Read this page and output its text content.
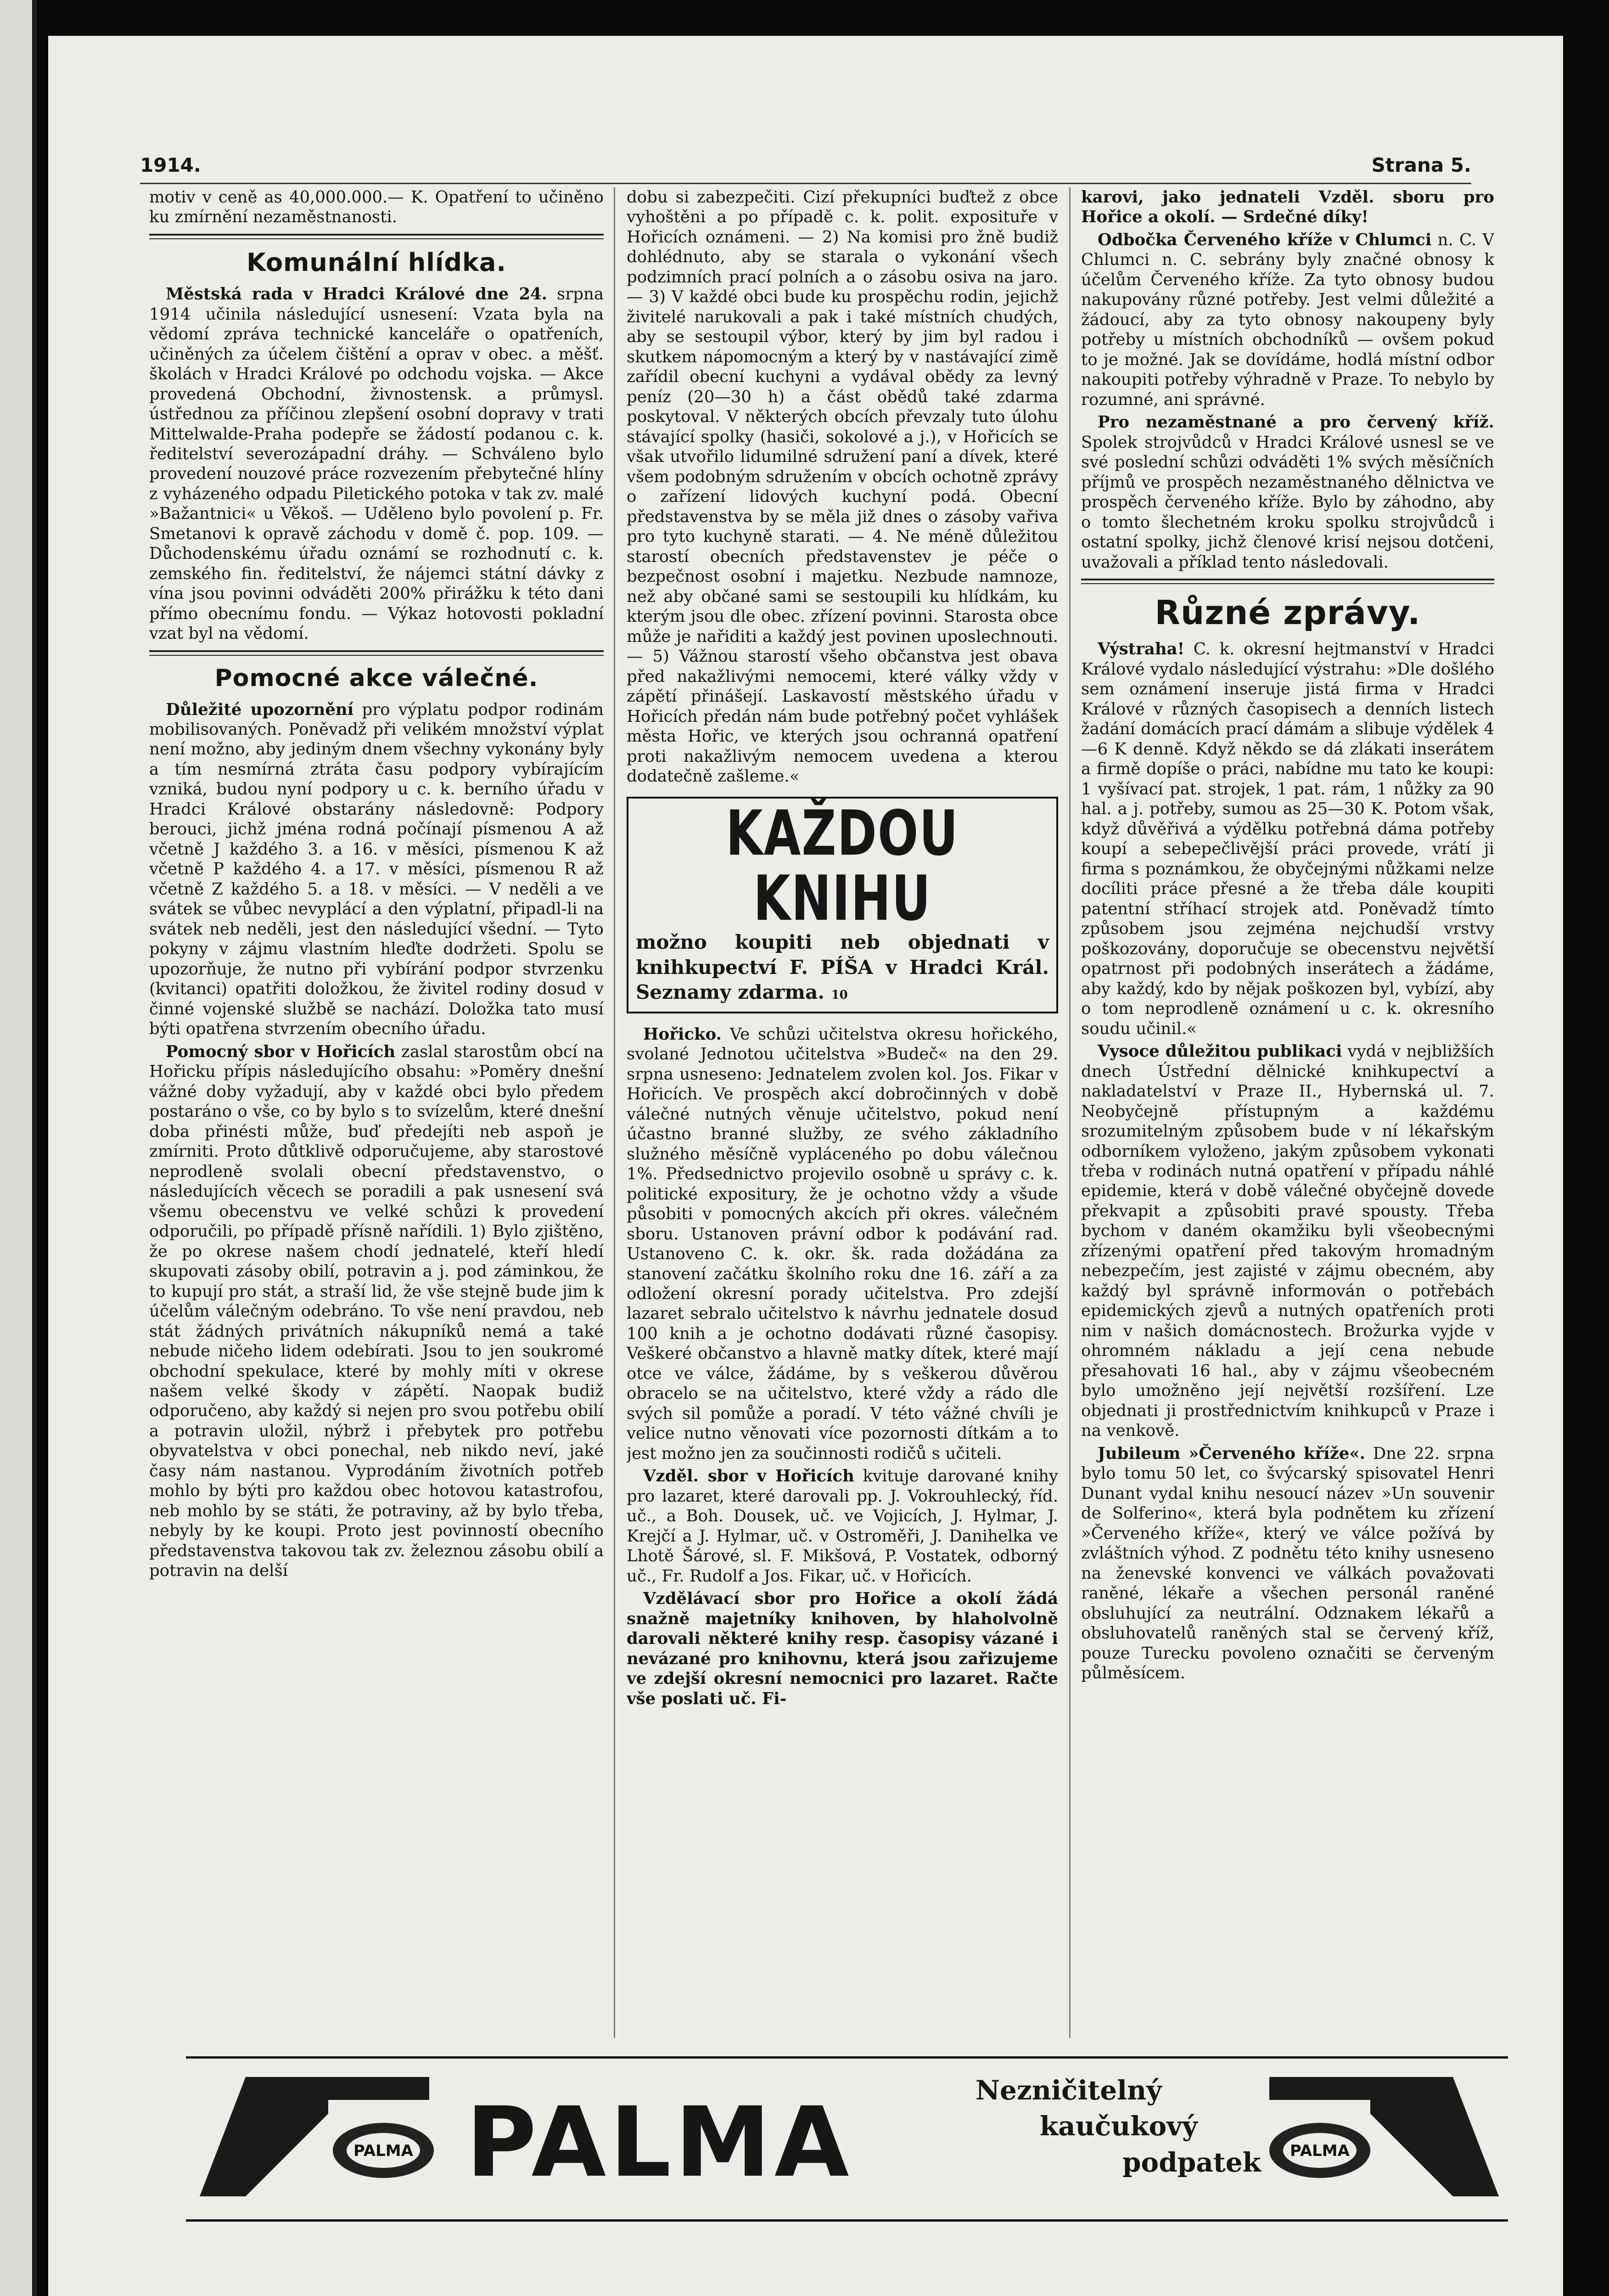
1914.	Strana 5.

motiv v ceně as 40,000.000.— K. Opatření to učiněno ku zmírnění nezaměstnanosti.

Komunální hlídka.

Městská rada v Hradci Králové dne 24. srpna 1914 učinila následující usnesení: Vzata byla na vědomí zpráva technické kanceláře o opatřeních, učiněných za účelem čištění a oprav v obec. a měšť. školách v Hradci Králové po odchodu vojska. — Akce provedená Obchodní, živnostensk. a průmysl. ústřednou za příčinou zlepšení osobní dopravy v trati Mittelwalde-Praha podepře se žádostí podanou c. k. ředitelství severozápadní dráhy. — Schváleno bylo provedení nouzové práce rozvezením přebytečné hlíny z vyházeného odpadu Piletického potoka v tak zv. malé »Bažantnici« u Věkoš. — Uděleno bylo povolení p. Fr. Smetanovi k opravě záchodu v domě č. pop. 109. — Důchodenskému úřadu oznámí se rozhodnutí c. k. zemského fin. ředitelství, že nájemci státní dávky z vína jsou povinni odváděti 200% přirážku k této dani přímo obecnímu fondu. — Výkaz hotovosti pokladní vzat byl na vědomí.

Pomocné akce válečné.

Důležité upozornění pro výplatu podpor rodinám mobilisovaných. Poněvadž při velikém množství výplat není možno, aby jediným dnem všechny vykonány byly a tím nesmírná ztráta času podpory vybírajícím vzniká, budou nyní podpory u c. k. berního úřadu v Hradci Králové obstarány následovně: Podpory berouci, jichž jména rodná počínají písmenou A až včetně J každého 3. a 16. v měsíci, písmenou K až včetně P každého 4. a 17. v měsíci, písmenou R až včetně Z každého 5. a 18. v měsíci. — V neděli a ve svátek se vůbec nevyplácí a den výplatní, připadl-li na svátek neb neděli, jest den následující všední. — Tyto pokyny v zájmu vlastním hleďte dodržeti. Spolu se upozorňuje, že nutno při vybírání podpor stvrzenku (kvitanci) opatřiti doložkou, že živitel rodiny dosud v činné vojenské službě se nachází. Doložka tato musí býti opatřena stvrzením obecního úřadu.

Pomocný sbor v Hořicích zaslal starostům obcí na Hořicku přípis následujícího obsahu: »Poměry dnešní vážné doby vyžadují, aby v každé obci bylo předem postaráno o vše, co by bylo s to svízelům, které dnešní doba přinésti může, buď předejíti neb aspoň je zmírniti. Proto důtklivě odporučujeme, aby starostové neprodleně svolali obecní představenstvo, o následujících věcech se poradili a pak usnesení svá všemu obecenstvu ve velké schůzi k provedení odporučili, po případě přísně nařídili. 1) Bylo zjištěno, že po okrese našem chodí jednatelé, kteří hledí skupovati zásoby obilí, potravin a j. pod záminkou, že to kupují pro stát, a straší lid, že vše stejně bude jim k účelům válečným odebráno. To vše není pravdou, neb stát žádných privátních nákupníků nemá a také nebude ničeho lidem odebírati. Jsou to jen soukromé obchodní spekulace, které by mohly míti v okrese našem velké škody v zápětí. Naopak budiž odporučeno, aby každý si nejen pro svou potřebu obilí a potravin uložil, nýbrž i přebytek pro potřebu obyvatelstva v obci ponechal, neb nikdo neví, jaké časy nám nastanou. Vyprodáním životních potřeb mohlo by býti pro každou obec hotovou katastrofou, neb mohlo by se státi, že potraviny, až by bylo třeba, nebyly by ke koupi. Proto jest povinností obecního představenstva takovou tak zv. železnou zásobu obilí a potravin na delší

dobu si zabezpečiti. Cizí překupníci buďtež z obce vyhoštěni a po případě c. k. polit. exposituře v Hořicích oznámeni. — 2) Na komisi pro žně budiž dohlédnuto, aby se starala o vykonání všech podzimních prací polních a o zásobu osiva na jaro. — 3) V každé obci bude ku prospěchu rodin, jejichž živitelé narukovali a pak i také místních chudých, aby se sestoupil výbor, který by jim byl radou i skutkem nápomocným a který by v nastávající zimě zařídil obecní kuchyni a vydával obědy za levný peníz (20—30 h) a část obědů také zdarma poskytoval. V některých obcích převzaly tuto úlohu stávající spolky (hasiči, sokolové a j.), v Hořicích se však utvořilo lidumilné sdružení paní a dívek, které všem podobným sdružením v obcích ochotně zprávy o zařízení lidových kuchyní podá. Obecní představenstva by se měla již dnes o zásoby vařiva pro tyto kuchyně starati. — 4. Ne méně důležitou starostí obecních představenstev je péče o bezpečnost osobní i majetku. Nezbude namnoze, než aby občané sami se sestoupili ku hlídkám, ku kterým jsou dle obec. zřízení povinni. Starosta obce může je nařiditi a každý jest povinen uposlechnouti. — 5) Vážnou starostí všeho občanstva jest obava před nakažlivými nemocemi, které války vždy v zápětí přinášejí. Laskavostí městského úřadu v Hořicích předán nám bude potřebný počet vyhlášek města Hořic, ve kterých jsou ochranná opatření proti nakažlivým nemocem uvedena a kterou dodatečně zašleme.«

KAŽDOU KNIHU
možno koupiti neb objednati v knihkupectví F. PÍŠA v Hradci Král. Seznamy zdarma. 10

Hořicko. Ve schůzi učitelstva okresu hořického, svolané Jednotou učitelstva »Budeč« na den 29. srpna usneseno: Jednatelem zvolen kol. Jos. Fikar v Hořicích. Ve prospěch akcí dobročinných v době válečné nutných věnuje učitelstvo, pokud není účastno branné služby, ze svého základního služného měsíčně vypláceného po dobu válečnou 1%. Předsednictvo projevilo osobně u správy c. k. politické expositury, že je ochotno vždy a všude působiti v pomocných akcích při okres. válečném sboru. Ustanoven právní odbor k podávání rad. Ustanoveno C. k. okr. šk. rada dožádána za stanovení začátku školního roku dne 16. září a za odložení okresní porady učitelstva. Pro zdejší lazaret sebralo učitelstvo k návrhu jednatele dosud 100 knih a je ochotno dodávati různé časopisy. Veškeré občanstvo a hlavně matky dítek, které mají otce ve válce, žádáme, by s veškerou důvěrou obracelo se na učitelstvo, které vždy a rádo dle svých sil pomůže a poradí. V této vážné chvíli je velice nutno věnovati více pozornosti dítkám a to jest možno jen za součinnosti rodičů s učiteli.

Vzděl. sbor v Hořicích kvituje darované knihy pro lazaret, které darovali pp. J. Vokrouhlecký, říd. uč., a Boh. Dousek, uč. ve Vojicích, J. Hylmar, J. Krejčí a J. Hylmar, uč. v Ostroměři, J. Danihelka ve Lhotě Šárové, sl. F. Mikšová, P. Vostatek, odborný uč., Fr. Rudolf a Jos. Fikar, uč. v Hořicích.

Vzdělávací sbor pro Hořice a okolí žádá snažně majetníky knihoven, by hlaholvolně darovali některé knihy resp. časopisy vázané i nevázané pro knihovnu, která jsou zařizujeme ve zdejší okresní nemocnici pro lazaret. Račte vše poslati uč. Fi-

karovi, jako jednateli Vzděl. sboru pro Hořice a okolí. — Srdečné díky!

Odbočka Červeného kříže v Chlumci n. C. V Chlumci n. C. sebrány byly značné obnosy k účelům Červeného kříže. Za tyto obnosy budou nakupovány různé potřeby. Jest velmi důležité a žádoucí, aby za tyto obnosy nakoupeny byly potřeby u místních obchodníků — ovšem pokud to je možné. Jak se dovídáme, hodlá místní odbor nakoupiti potřeby výhradně v Praze. To nebylo by rozumné, ani správné.

Pro nezaměstnané a pro červený kříž. Spolek strojvůdců v Hradci Králové usnesl se ve své poslední schůzi odváděti 1% svých měsíčních příjmů ve prospěch nezaměstnaného dělnictva ve prospěch červeného kříže. Bylo by záhodno, aby o tomto šlechetném kroku spolku strojvůdců i ostatní spolky, jichž členové krisí nejsou dotčeni, uvažovali a příklad tento následovali.

Různé zprávy.

Výstraha! C. k. okresní hejtmanství v Hradci Králové vydalo následující výstrahu: »Dle došlého sem oznámení inseruje jistá firma v Hradci Králové v různých časopisech a denních listech žadání domácích prací dámám a slibuje výdělek 4—6 K denně. Když někdo se dá zlákati inserátem a firmě dopíše o práci, nabídne mu tato ke koupi: 1 vyšívací pat. strojek, 1 pat. rám, 1 nůžky za 90 hal. a j. potřeby, sumou as 25—30 K. Potom však, když důvěřivá a výdělku potřebná dáma potřeby koupí a sebepečlivější práci provede, vrátí ji firma s poznámkou, že obyčejnými nůžkami nelze docíliti práce přesné a že třeba dále koupiti patentní stříhací strojek atd. Poněvadž tímto způsobem jsou zejména nejchudší vrstvy poškozovány, doporučuje se obecenstvu největší opatrnost při podobných inserátech a žádáme, aby každý, kdo by nějak poškozen byl, vybízí, aby o tom neprodleně oznámení u c. k. okresního soudu učinil.«

Vysoce důležitou publikaci vydá v nejbližších dnech Ústřední dělnické knihkupectví a nakladatelství v Praze II., Hybernská ul. 7. Neobyčejně přístupným a každému srozumitelným způsobem bude v ní lékařským odborníkem vyloženo, jakým způsobem vykonati třeba v rodinách nutná opatření v případu náhlé epidemie, která v době válečné obyčejně dovede překvapit a způsobiti pravé spousty. Třeba bychom v daném okamžiku byli všeobecnými zřízenými opatření před takovým hromadným nebezpečím, jest zajisté v zájmu obecném, aby každý byl správně informován o potřebách epidemických zjevů a nutných opatřeních proti nim v našich domácnostech. Brožurka vyjde v ohromném nákladu a její cena nebude přesahovati 16 hal., aby v zájmu všeobecném bylo umožněno její největší rozšíření. Lze objednati ji prostřednictvím knihkupců v Praze i na venkově.

Jubileum »Červeného kříže«. Dne 22. srpna bylo tomu 50 let, co švýcarský spisovatel Henri Dunant vydal knihu nesoucí název »Un souvenir de Solferino«, která byla podnětem ku zřízení »Červeného kříže«, který ve válce požívá by zvláštních výhod. Z podnětu této knihy usneseno na ženevské konvenci ve válkách považovati raněné, lékaře a všechen personál raněné obsluhující za neutrální. Odznakem lékařů a obsluhovatelů raněných stal se červený kříž, pouze Turecku povoleno označiti se červeným půlměsícem.

PALMA PALMA	Nezničitelný
kaučukový
podpatek PALMA
